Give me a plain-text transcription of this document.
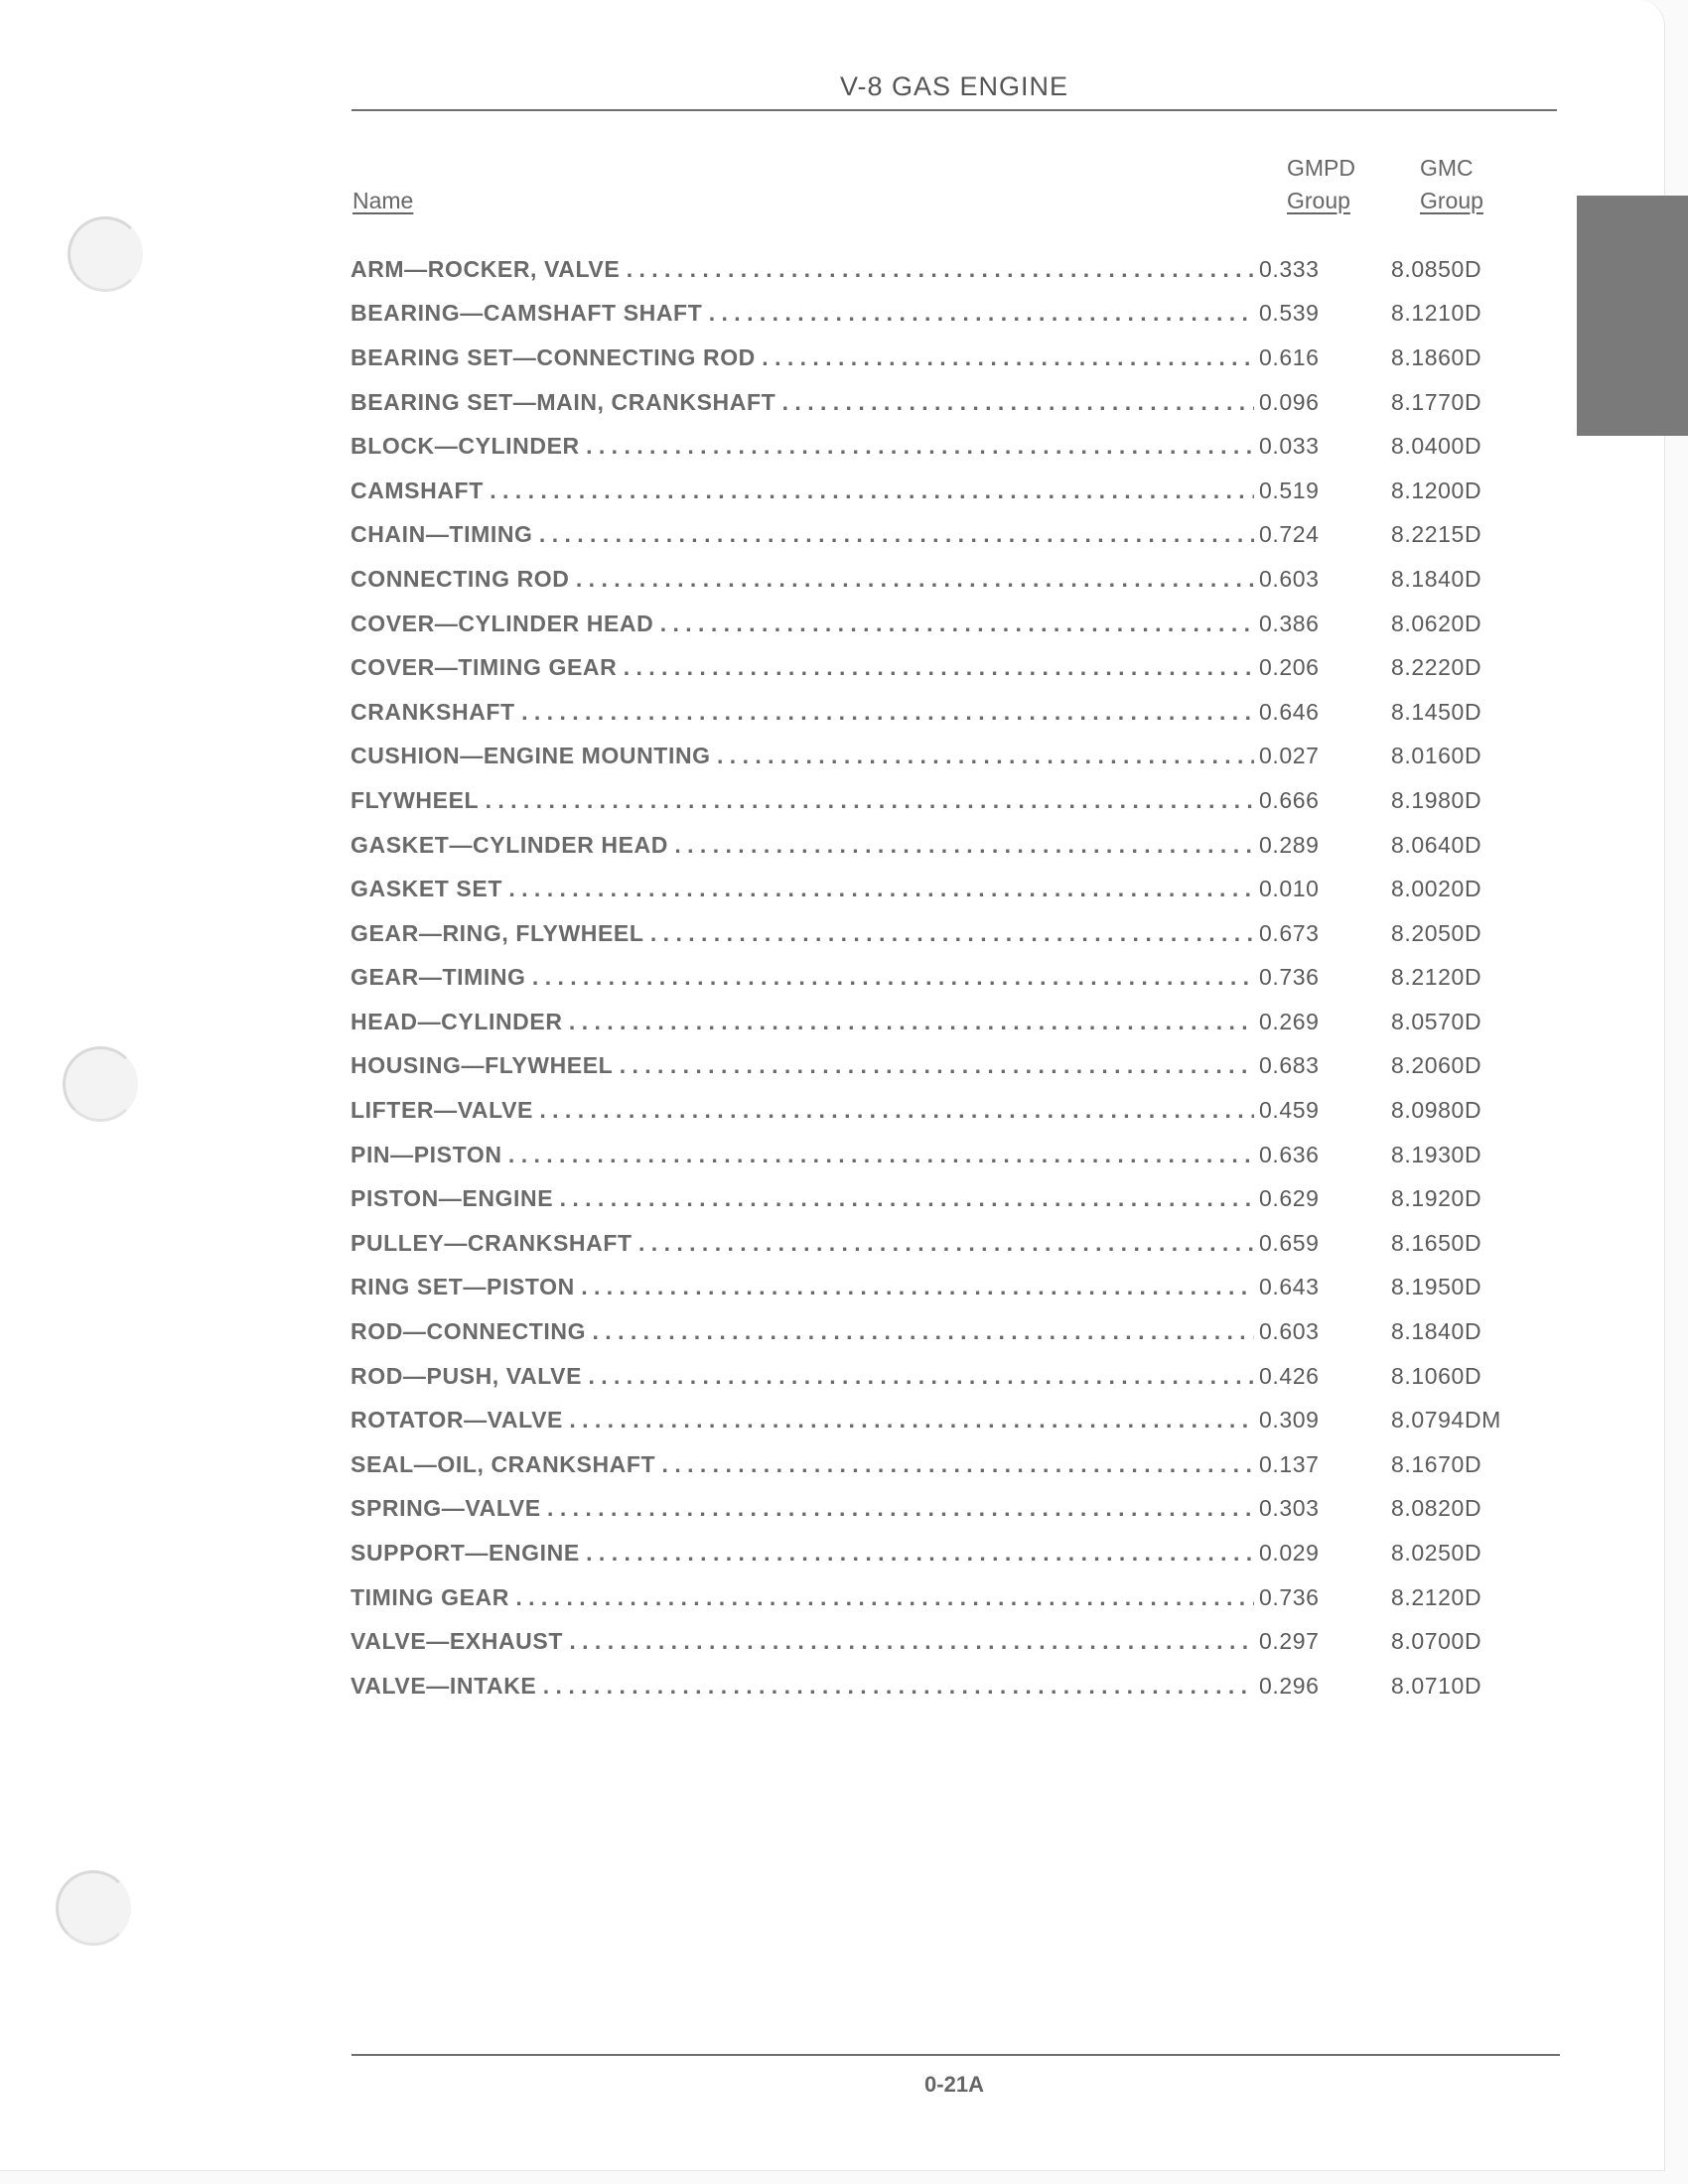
V-8 GAS ENGINE
Name
GMPD
Group
GMC
Group
ARM—ROCKER, VALVE . . .	0.333	8.0850D
BEARING—CAMSHAFT SHAFT . . .	0.539	8.1210D
BEARING SET—CONNECTING ROD . . .	0.616	8.1860D
BEARING SET—MAIN, CRANKSHAFT . . .	0.096	8.1770D
BLOCK—CYLINDER . . .	0.033	8.0400D
CAMSHAFT . . .	0.519	8.1200D
CHAIN—TIMING . . .	0.724	8.2215D
CONNECTING ROD . . .	0.603	8.1840D
COVER—CYLINDER HEAD . . .	0.386	8.0620D
COVER—TIMING GEAR . . .	0.206	8.2220D
CRANKSHAFT . . .	0.646	8.1450D
CUSHION—ENGINE MOUNTING . . .	0.027	8.0160D
FLYWHEEL . . .	0.666	8.1980D
GASKET—CYLINDER HEAD . . .	0.289	8.0640D
GASKET SET . . .	0.010	8.0020D
GEAR—RING, FLYWHEEL . . .	0.673	8.2050D
GEAR—TIMING . . .	0.736	8.2120D
HEAD—CYLINDER . . .	0.269	8.0570D
HOUSING—FLYWHEEL . . .	0.683	8.2060D
LIFTER—VALVE . . .	0.459	8.0980D
PIN—PISTON . . .	0.636	8.1930D
PISTON—ENGINE . . .	0.629	8.1920D
PULLEY—CRANKSHAFT . . .	0.659	8.1650D
RING SET—PISTON . . .	0.643	8.1950D
ROD—CONNECTING . . .	0.603	8.1840D
ROD—PUSH, VALVE . . .	0.426	8.1060D
ROTATOR—VALVE . . .	0.309	8.0794DM
SEAL—OIL, CRANKSHAFT . . .	0.137	8.1670D
SPRING—VALVE . . .	0.303	8.0820D
SUPPORT—ENGINE . . .	0.029	8.0250D
TIMING GEAR . . .	0.736	8.2120D
VALVE—EXHAUST . . .	0.297	8.0700D
VALVE—INTAKE . . .	0.296	8.0710D
0-21A
